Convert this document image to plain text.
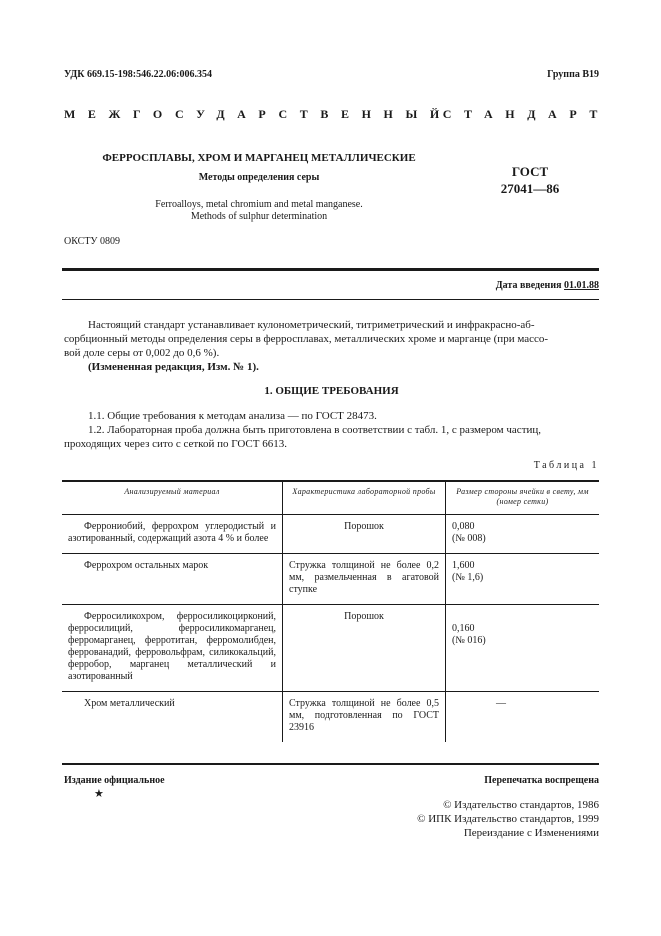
УДК 669.15-198:546.22.06:006.354	Группа В19
МЕЖГОСУДАРСТВЕННЫЙ
СТАНДАРТ
ФЕРРОСПЛАВЫ, ХРОМ И МАРГАНЕЦ МЕТАЛЛИЧЕСКИЕ
Методы определения серы
Ferroalloys, metal chromium and metal manganese.
Methods of sulphur determination
ГОСТ
27041—86
ОКСТУ 0809
Дата введения 01.01.88
Настоящий стандарт устанавливает кулонометрический, титриметрический и инфракрасно-аб-
сорбционный методы определения серы в ферросплавах, металлических хроме и марганце (при массо-
вой доле серы от 0,002 до 0,6 %).
(Измененная редакция, Изм. № 1).
1. ОБЩИЕ ТРЕБОВАНИЯ
1.1. Общие требования к методам анализа — по ГОСТ 28473.
1.2. Лабораторная проба должна быть приготовлена в соответствии с табл. 1, с размером частиц,
проходящих через сито с сеткой по ГОСТ 6613.
Таблица 1
Анализируемый материал	Характеристика лабораторной пробы	Размер стороны ячейки в свету, мм (номер сетки)
Феррониобий, феррохром углеродистый и азотированный, содержащий азота 4 % и более	Порошок	0,080
(№ 008)

Феррохром остальных марок	Стружка толщиной не более 0,2 мм, размельченная в агатовой ступке	1,600
(№ 1,6)

Ферросиликохром, ферросиликоцирконий, ферросилиций, ферросиликомарганец, ферромарганец, ферротитан, ферромолибден, феррованадий, ферровольфрам, силикокальций, ферробор, марганец металлический и азотированный	Порошок	0,160
(№ 016)

Хром металлический	Стружка толщиной не более 0,5 мм, подготовленная по ГОСТ 23916	—
Издание официальное
★
Перепечатка воспрещена
© Издательство стандартов, 1986
© ИПК Издательство стандартов, 1999
Переиздание с Изменениями
